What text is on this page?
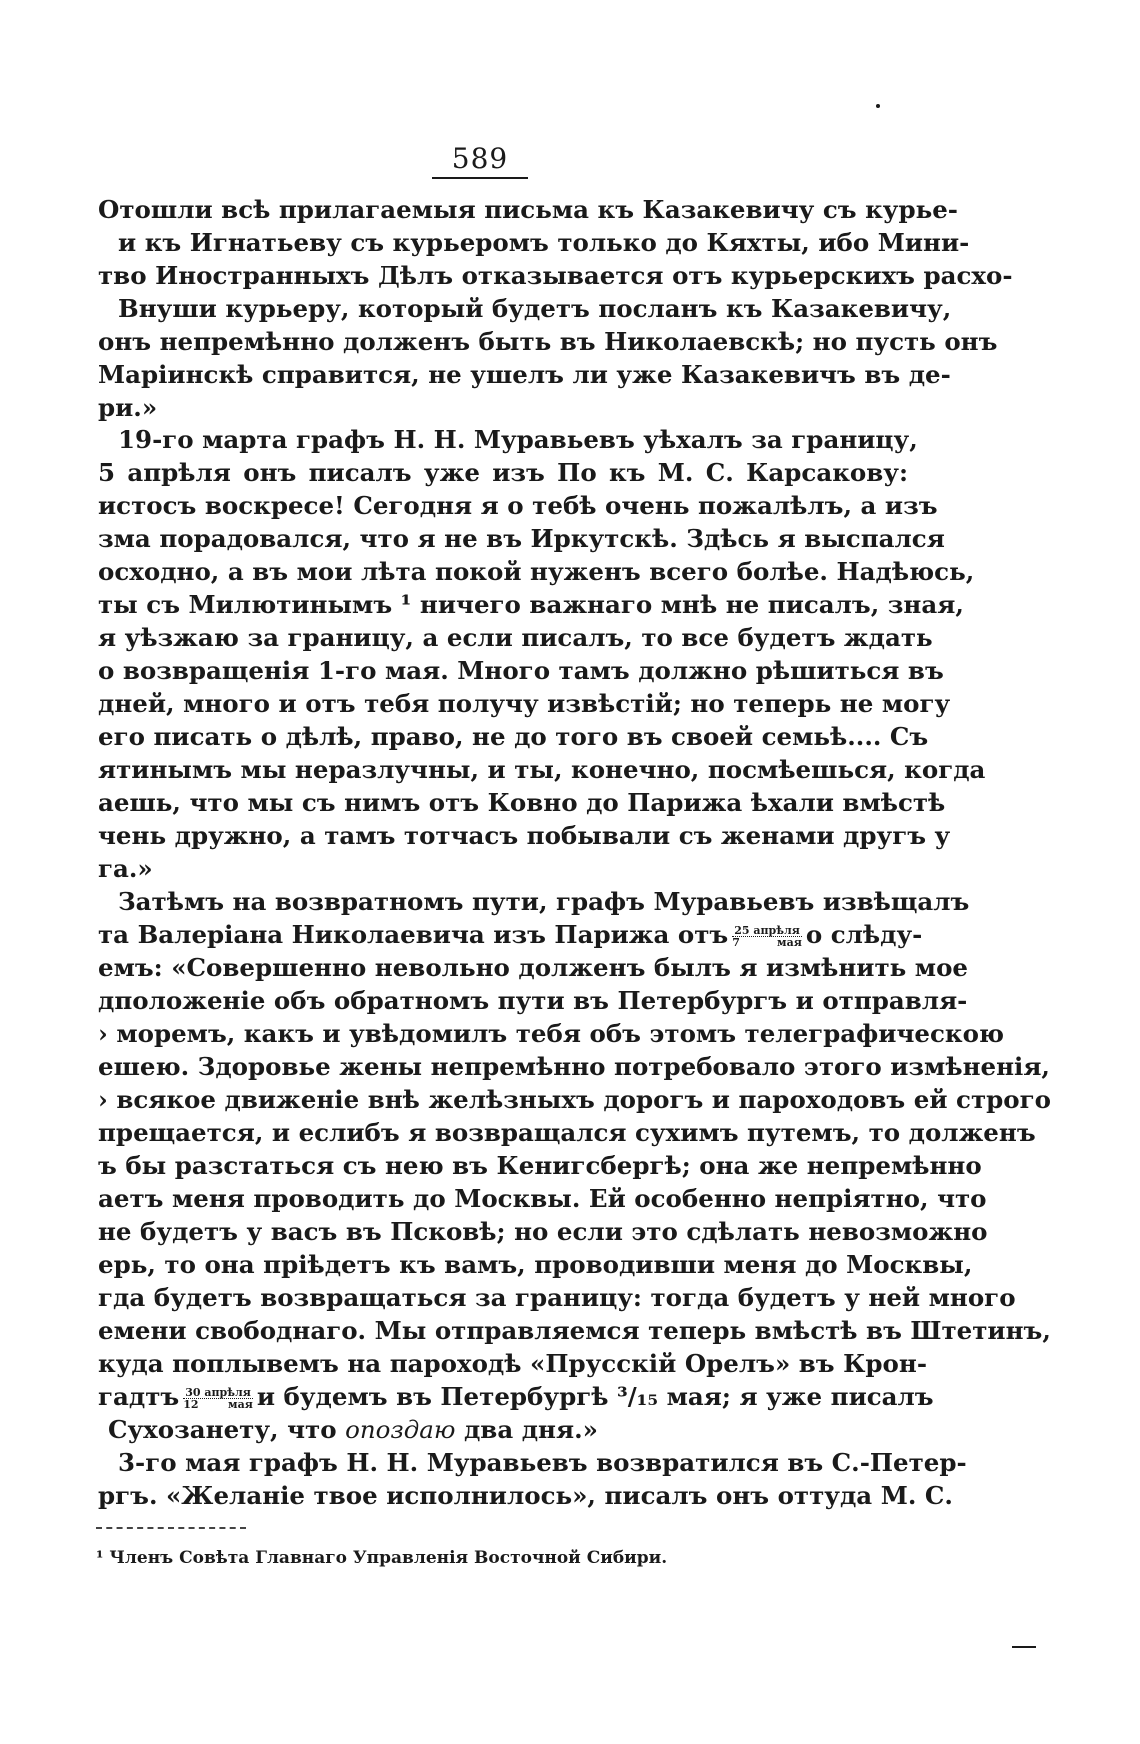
589
Отошли всѣ прилагаемыя письма къ Казакевичу съ курье-
и къ Игнатьеву съ курьеромъ только до Кяхты, ибо Мини-
тво Иностранныхъ Дѣлъ отказывается отъ курьерскихъ расхо-
Внуши курьеру, который будетъ посланъ къ Казакевичу,
онъ непремѣнно долженъ быть въ Николаевскѣ; но пусть онъ
Маріинскѣ справится, не ушелъ ли уже Казакевичъ въ де-
ри.»
19-го марта графъ Н. Н. Муравьевъ уѣхалъ за границу,
5 апрѣля онъ писалъ уже изъ По къ М. С. Карсакову:
истосъ воскресе! Сегодня я о тебѣ очень пожалѣлъ, а изъ
зма порадовался, что я не въ Иркутскѣ. Здѣсь я выспался
осходно, а въ мои лѣта покой нуженъ всего болѣе. Надѣюсь,
ты съ Милютинымъ ¹ ничего важнаго мнѣ не писалъ, зная,
я уѣзжаю за границу, а если писалъ, то все будетъ ждать
о возвращенія 1-го мая. Много тамъ должно рѣшиться въ
дней, много и отъ тебя получу извѣстій; но теперь не могу
его писать о дѣлѣ, право, не до того въ своей семьѣ.... Съ
ятинымъ мы неразлучны, и ты, конечно, посмѣешься, когда
аешь, что мы съ нимъ отъ Ковно до Парижа ѣхали вмѣстѣ
чень дружно, а тамъ тотчасъ побывали съ женами другъ у
га.»
Затѣмъ на возвратномъ пути, графъ Муравьевъ извѣщалъ
та Валеріана Николаевича изъ Парижа отъ $\frac{\text{25 апрѣля}}{\text{7 мая}}$ о слѣду-
емъ: «Совершенно невольно долженъ былъ я измѣнить мое
дположеніе объ обратномъ пути въ Петербургъ и отправля-
› моремъ, какъ и увѣдомилъ тебя объ этомъ телеграфическою
ешею. Здоровье жены непремѣнно потребовало этого измѣненія,
› всякое движеніе внѣ желѣзныхъ дорогъ и пароходовъ ей строго
прещается, и еслибъ я возвращался сухимъ путемъ, то долженъ
ъ бы разстаться съ нею въ Кенигсбергѣ; она же непремѣнно
аетъ меня проводить до Москвы. Ей особенно непріятно, что
не будетъ у васъ въ Псковѣ; но если это сдѣлать невозможно
ерь, то она пріѣдетъ къ вамъ, проводивши меня до Москвы,
гда будетъ возвращаться за границу: тогда будетъ у ней много
емени свободнаго. Мы отправляемся теперь вмѣстѣ въ Штетинъ,
куда поплывемъ на пароходѣ «Прусскій Орелъ» въ Крон-
гадтъ $\frac{\text{30 апрѣля}}{\text{12 мая}}$ и будемъ въ Петербургѣ ³/₁₅ мая; я уже писалъ
Сухозанету, что опоздаю два дня.»
3-го мая графъ Н. Н. Муравьевъ возвратился въ С.-Петер-
ргъ. «Желаніе твое исполнилось», писалъ онъ оттуда М. С.
¹ Членъ Совѣта Главнаго Управленія Восточной Сибири.
